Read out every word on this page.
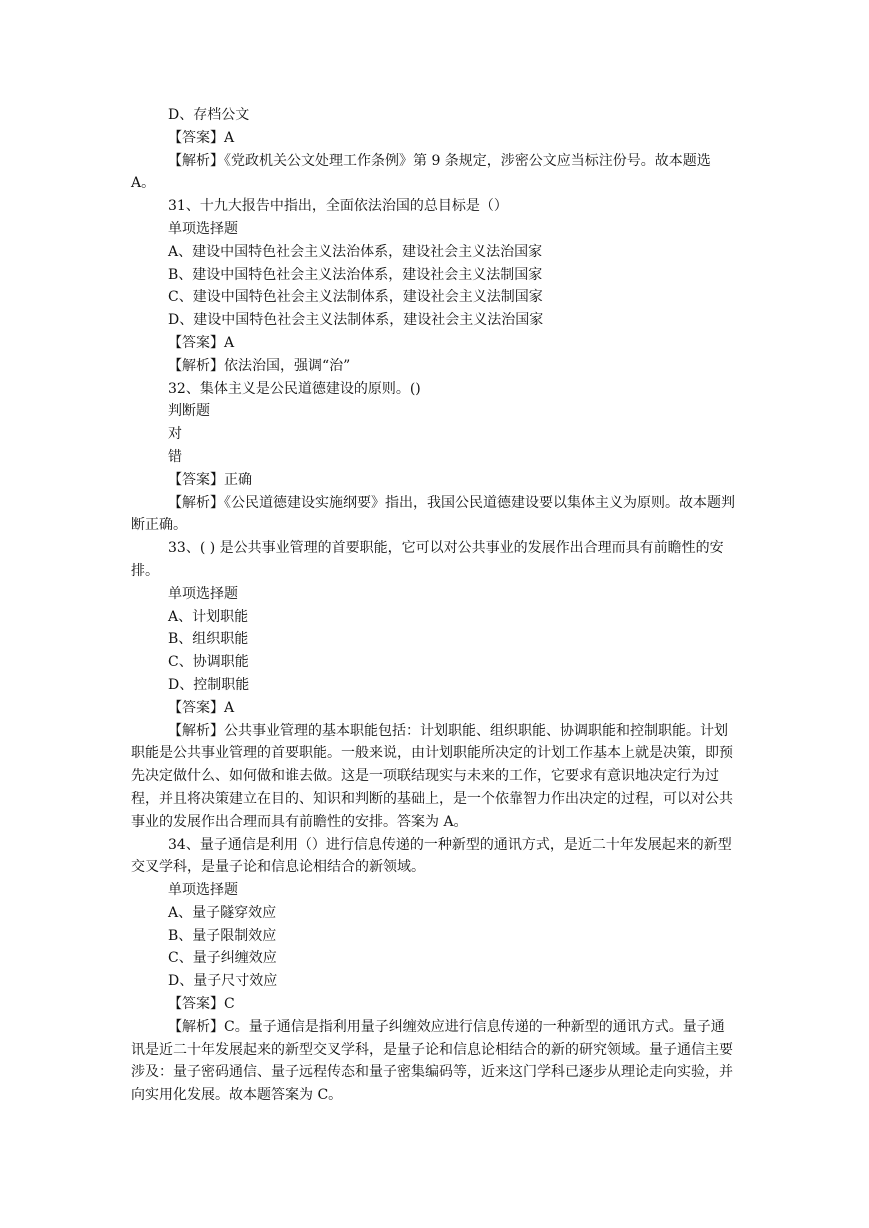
D、存档公文
【答案】A
【解析】《党政机关公文处理工作条例》第 9 条规定，涉密公文应当标注份号。故本题选 A。
31、十九大报告中指出，全面依法治国的总目标是（）
单项选择题
A、建设中国特色社会主义法治体系，建设社会主义法治国家
B、建设中国特色社会主义法治体系，建设社会主义法制国家
C、建设中国特色社会主义法制体系，建设社会主义法制国家
D、建设中国特色社会主义法制体系，建设社会主义法治国家
【答案】A
【解析】依法治国，强调“治”
32、集体主义是公民道德建设的原则。()
判断题
对
错
【答案】正确
【解析】《公民道德建设实施纲要》指出，我国公民道德建设要以集体主义为原则。故本题判断正确。
33、( ) 是公共事业管理的首要职能，它可以对公共事业的发展作出合理而具有前瞻性的安排。
单项选择题
A、计划职能
B、组织职能
C、协调职能
D、控制职能
【答案】A
【解析】公共事业管理的基本职能包括：计划职能、组织职能、协调职能和控制职能。计划职能是公共事业管理的首要职能。一般来说，由计划职能所决定的计划工作基本上就是决策，即预先决定做什么、如何做和谁去做。这是一项联结现实与未来的工作，它要求有意识地决定行为过程，并且将决策建立在目的、知识和判断的基础上，是一个依靠智力作出决定的过程，可以对公共事业的发展作出合理而具有前瞻性的安排。答案为 A。
34、量子通信是利用（）进行信息传递的一种新型的通讯方式，是近二十年发展起来的新型交叉学科，是量子论和信息论相结合的新领域。
单项选择题
A、量子隧穿效应
B、量子限制效应
C、量子纠缠效应
D、量子尺寸效应
【答案】C
【解析】C。量子通信是指利用量子纠缠效应进行信息传递的一种新型的通讯方式。量子通讯是近二十年发展起来的新型交叉学科，是量子论和信息论相结合的新的研究领域。量子通信主要涉及：量子密码通信、量子远程传态和量子密集编码等，近来这门学科已逐步从理论走向实验，并向实用化发展。故本题答案为 C。
